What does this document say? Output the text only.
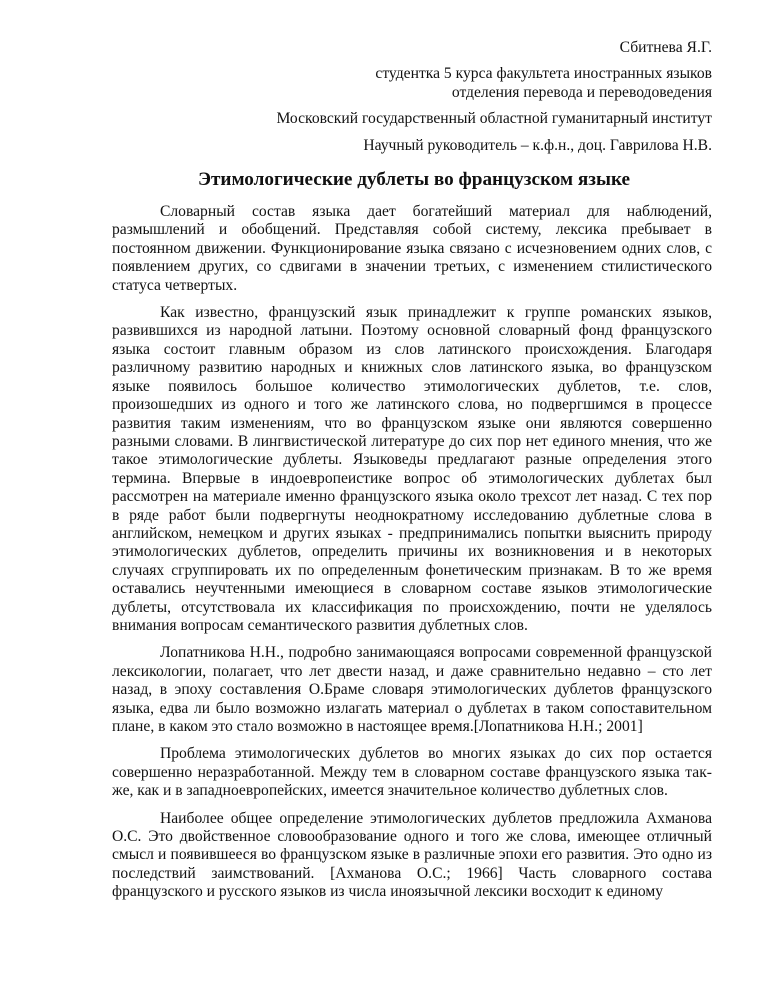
Сбитнева Я.Г.
студентка 5 курса факультета иностранных языков
отделения перевода и переводоведения
Московский государственный областной гуманитарный институт
Научный руководитель – к.ф.н., доц. Гаврилова Н.В.
Этимологические дублеты во французском языке

Словарный состав языка дает богатейший материал для наблюдений, размышлений и обобщений. Представляя собой систему, лексика пребывает в постоянном движении. Функционирование языка связано с исчезновением одних слов, с появлением других, со сдвигами в значении третьих, с изменением стилистического статуса четвертых.

Как известно, французский язык принадлежит к группе романских языков, развившихся из народной латыни. Поэтому основной словарный фонд французского языка состоит главным образом из слов латинского происхождения. Благодаря различному развитию народных и книжных слов латинского языка, во французском языке появилось большое количество этимологических дублетов, т.е. слов, произошедших из одного и того же латинского слова, но подвергшимся в процессе развития таким изменениям, что во французском языке они являются совершенно разными словами. В лингвистической литературе до сих пор нет единого мнения, что же такое этимологические дублеты. Языковеды предлагают разные определения этого термина. Впервые в индоевропеистике вопрос об этимологических дублетах был рассмотрен на материале именно французского языка около трехсот лет назад. С тех пор в ряде работ были подвергнуты неоднократному исследованию дублетные слова в английском, немецком и других языках - предпринимались попытки выяснить природу этимологических дублетов, определить причины их возникновения и в некоторых случаях сгруппировать их по определенным фонетическим признакам. В то же время оставались неучтенными имеющиеся в словарном составе языков этимологические дублеты, отсутствовала их классификация по происхождению, почти не уделялось внимания вопросам семантического развития дублетных слов.

Лопатникова Н.Н., подробно занимающаяся вопросами современной французской лексикологии, полагает, что лет двести назад, и даже сравнительно недавно – сто лет назад, в эпоху составления О.Браме словаря этимологических дублетов французского языка, едва ли было возможно излагать материал о дублетах в таком сопоставительном плане, в каком это стало возможно в настоящее время.[Лопатникова Н.Н.; 2001]

Проблема этимологических дублетов во многих языках до сих пор остается совершенно неразработанной. Между тем в словарном составе французского языка так-же, как и в западноевропейских, имеется значительное количество дублетных слов.

Наиболее общее определение этимологических дублетов предложила Ахманова О.С. Это двойственное словообразование одного и того же слова, имеющее отличный смысл и появившееся во французском языке в различные эпохи его развития. Это одно из последствий заимствований. [Ахманова О.С.; 1966] Часть словарного состава французского и русского языков из числа иноязычной лексики восходит к единому
